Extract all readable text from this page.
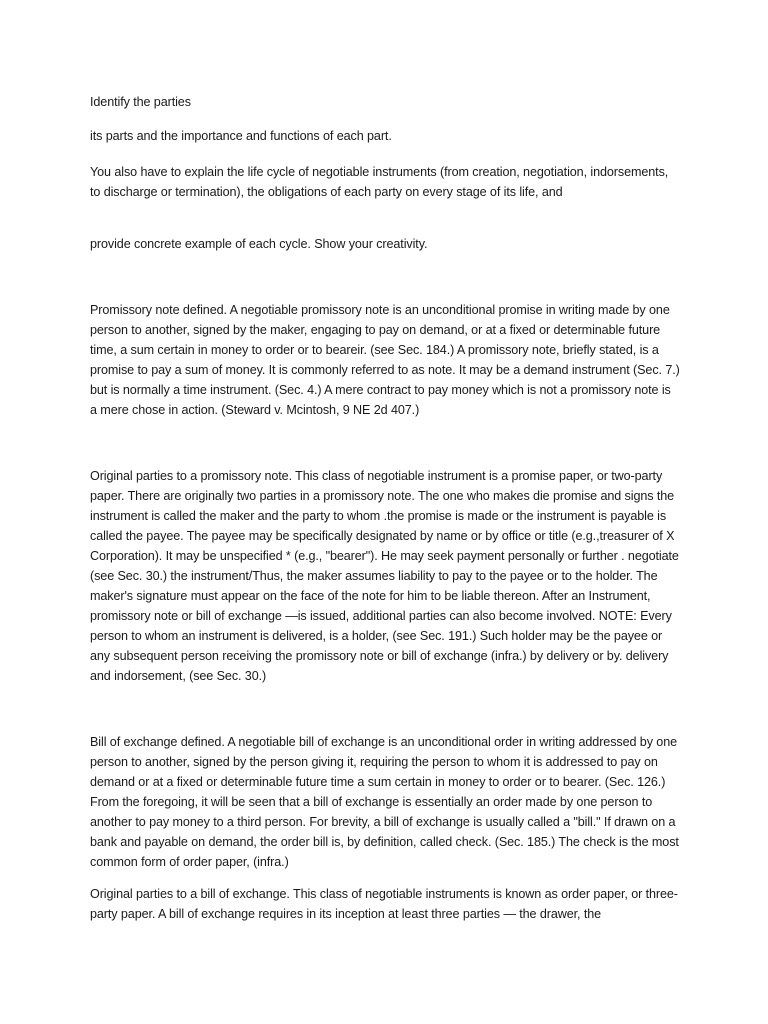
Identify the parties
its parts and the importance and functions of each part.
You also have to explain the life cycle of negotiable instruments (from creation, negotiation, indorsements, to discharge or termination), the obligations of each party on every stage of its life, and
provide concrete example of each cycle. Show your creativity.
Promissory note defined. A negotiable promissory note is an unconditional promise in writing made by one person to another, signed by the maker, engaging to pay on demand, or at a fixed or determinable future time, a sum certain in money to order or to beareir. (see Sec. 184.) A promissory note, briefly stated, is a promise to pay a sum of money. It is commonly referred to as note. It may be a demand instrument (Sec. 7.) but is normally a time instrument. (Sec. 4.) A mere contract to pay money which is not a promissory note is a mere chose in action. (Steward v. Mcintosh, 9 NE 2d 407.)
Original parties to a promissory note. This class of negotiable instrument is a promise paper, or two-party paper. There are originally two parties in a promissory note. The one who makes die promise and signs the instrument is called the maker and the party to whom .the promise is made or the instrument is payable is called the payee. The payee may be specifically designated by name or by office or title (e.g.,treasurer of X Corporation). It may be unspecified * (e.g., "bearer"). He may seek payment personally or further . negotiate (see Sec. 30.) the instrument/Thus, the maker assumes liability to pay to the payee or to the holder. The maker's signature must appear on the face of the note for him to be liable thereon. After an Instrument, promissory note or bill of exchange —is issued, additional parties can also become involved. NOTE: Every person to whom an instrument is delivered, is a holder, (see Sec. 191.) Such holder may be the payee or any subsequent person receiving the promissory note or bill of exchange (infra.) by delivery or by. delivery and indorsement, (see Sec. 30.)
Bill of exchange defined. A negotiable bill of exchange is an unconditional order in writing addressed by one person to another, signed by the person giving it, requiring the person to whom it is addressed to pay on demand or at a fixed or determinable future time a sum certain in money to order or to bearer. (Sec. 126.) From the foregoing, it will be seen that a bill of exchange is essentially an order made by one person to another to pay money to a third person. For brevity, a bill of exchange is usually called a "bill." If drawn on a bank and payable on demand, the order bill is, by definition, called check. (Sec. 185.) The check is the most common form of order paper, (infra.)
Original parties to a bill of exchange. This class of negotiable instruments is known as order paper, or three-party paper. A bill of exchange requires in its inception at least three parties — the drawer, the
